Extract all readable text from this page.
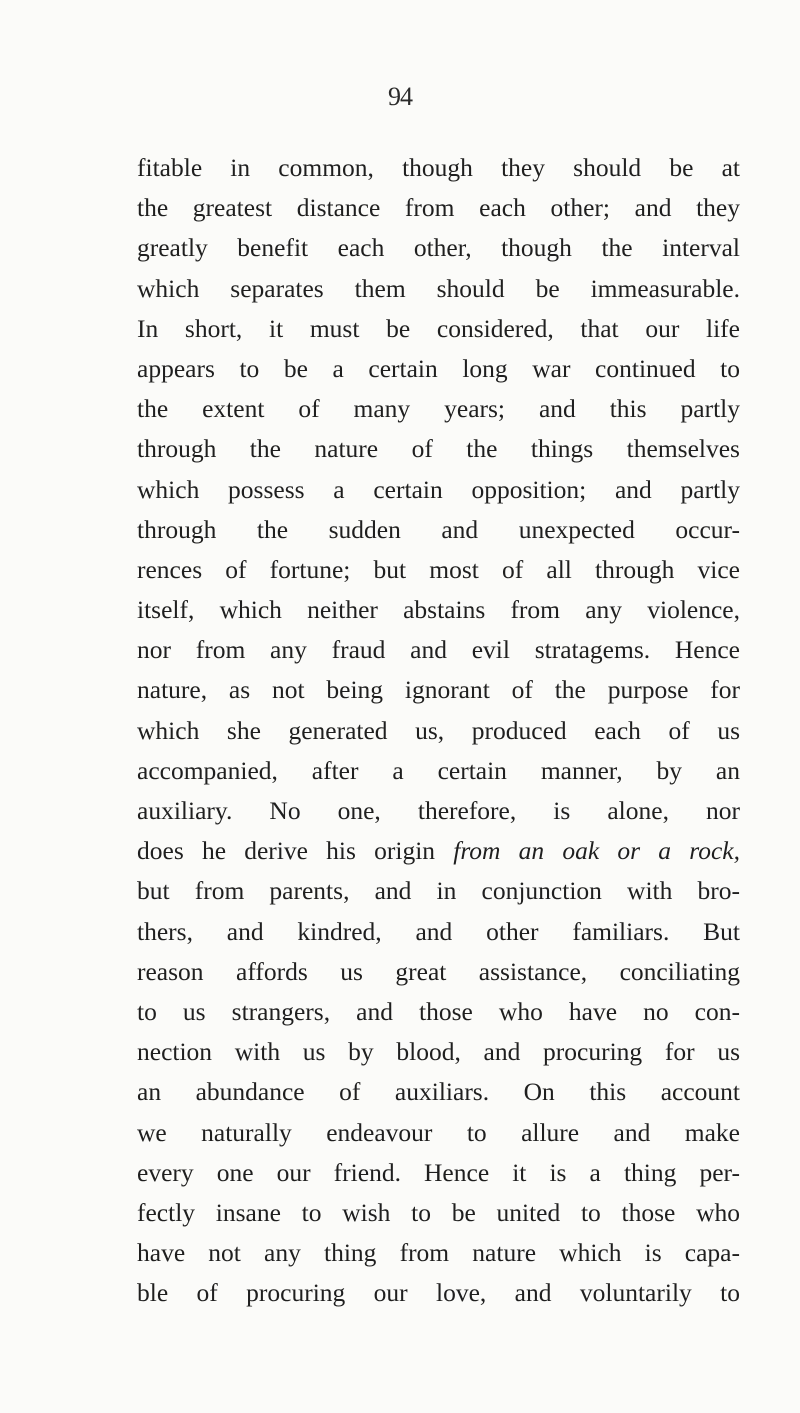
94
fitable in common, though they should be at
the greatest distance from each other; and they
greatly benefit each other, though the interval
which separates them should be immeasurable.
In short, it must be considered, that our life
appears to be a certain long war continued to
the extent of many years; and this partly
through the nature of the things themselves
which possess a certain opposition; and partly
through the sudden and unexpected occur-
rences of fortune; but most of all through vice
itself, which neither abstains from any violence,
nor from any fraud and evil stratagems. Hence
nature, as not being ignorant of the purpose for
which she generated us, produced each of us
accompanied, after a certain manner, by an
auxiliary. No one, therefore, is alone, nor
does he derive his origin from an oak or a rock,
but from parents, and in conjunction with bro-
thers, and kindred, and other familiars. But
reason affords us great assistance, conciliating
to us strangers, and those who have no con-
nection with us by blood, and procuring for us
an abundance of auxiliars. On this account
we naturally endeavour to allure and make
every one our friend. Hence it is a thing per-
fectly insane to wish to be united to those who
have not any thing from nature which is capa-
ble of procuring our love, and voluntarily to
